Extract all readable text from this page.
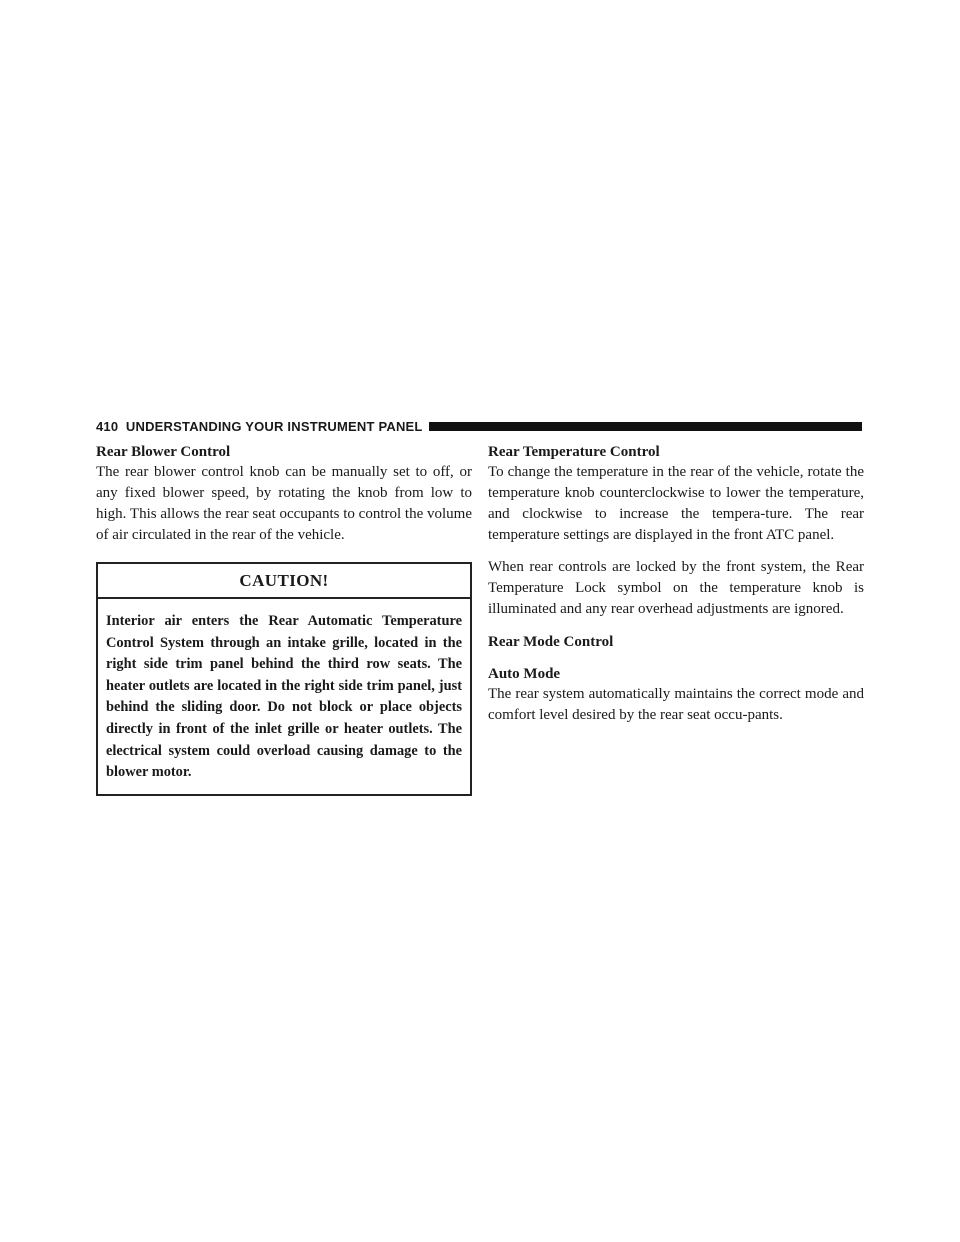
410 UNDERSTANDING YOUR INSTRUMENT PANEL
Rear Blower Control

The rear blower control knob can be manually set to off, or any fixed blower speed, by rotating the knob from low to high. This allows the rear seat occupants to control the volume of air circulated in the rear of the vehicle.

CAUTION!
Interior air enters the Rear Automatic Temperature Control System through an intake grille, located in the right side trim panel behind the third row seats. The heater outlets are located in the right side trim panel, just behind the sliding door. Do not block or place objects directly in front of the inlet grille or heater outlets. The electrical system could overload causing damage to the blower motor.
Rear Temperature Control

To change the temperature in the rear of the vehicle, rotate the temperature knob counterclockwise to lower the temperature, and clockwise to increase the tempera-ture. The rear temperature settings are displayed in the front ATC panel.

When rear controls are locked by the front system, the Rear Temperature Lock symbol on the temperature knob is illuminated and any rear overhead adjustments are ignored.

Rear Mode Control
Auto Mode

The rear system automatically maintains the correct mode and comfort level desired by the rear seat occu-pants.
